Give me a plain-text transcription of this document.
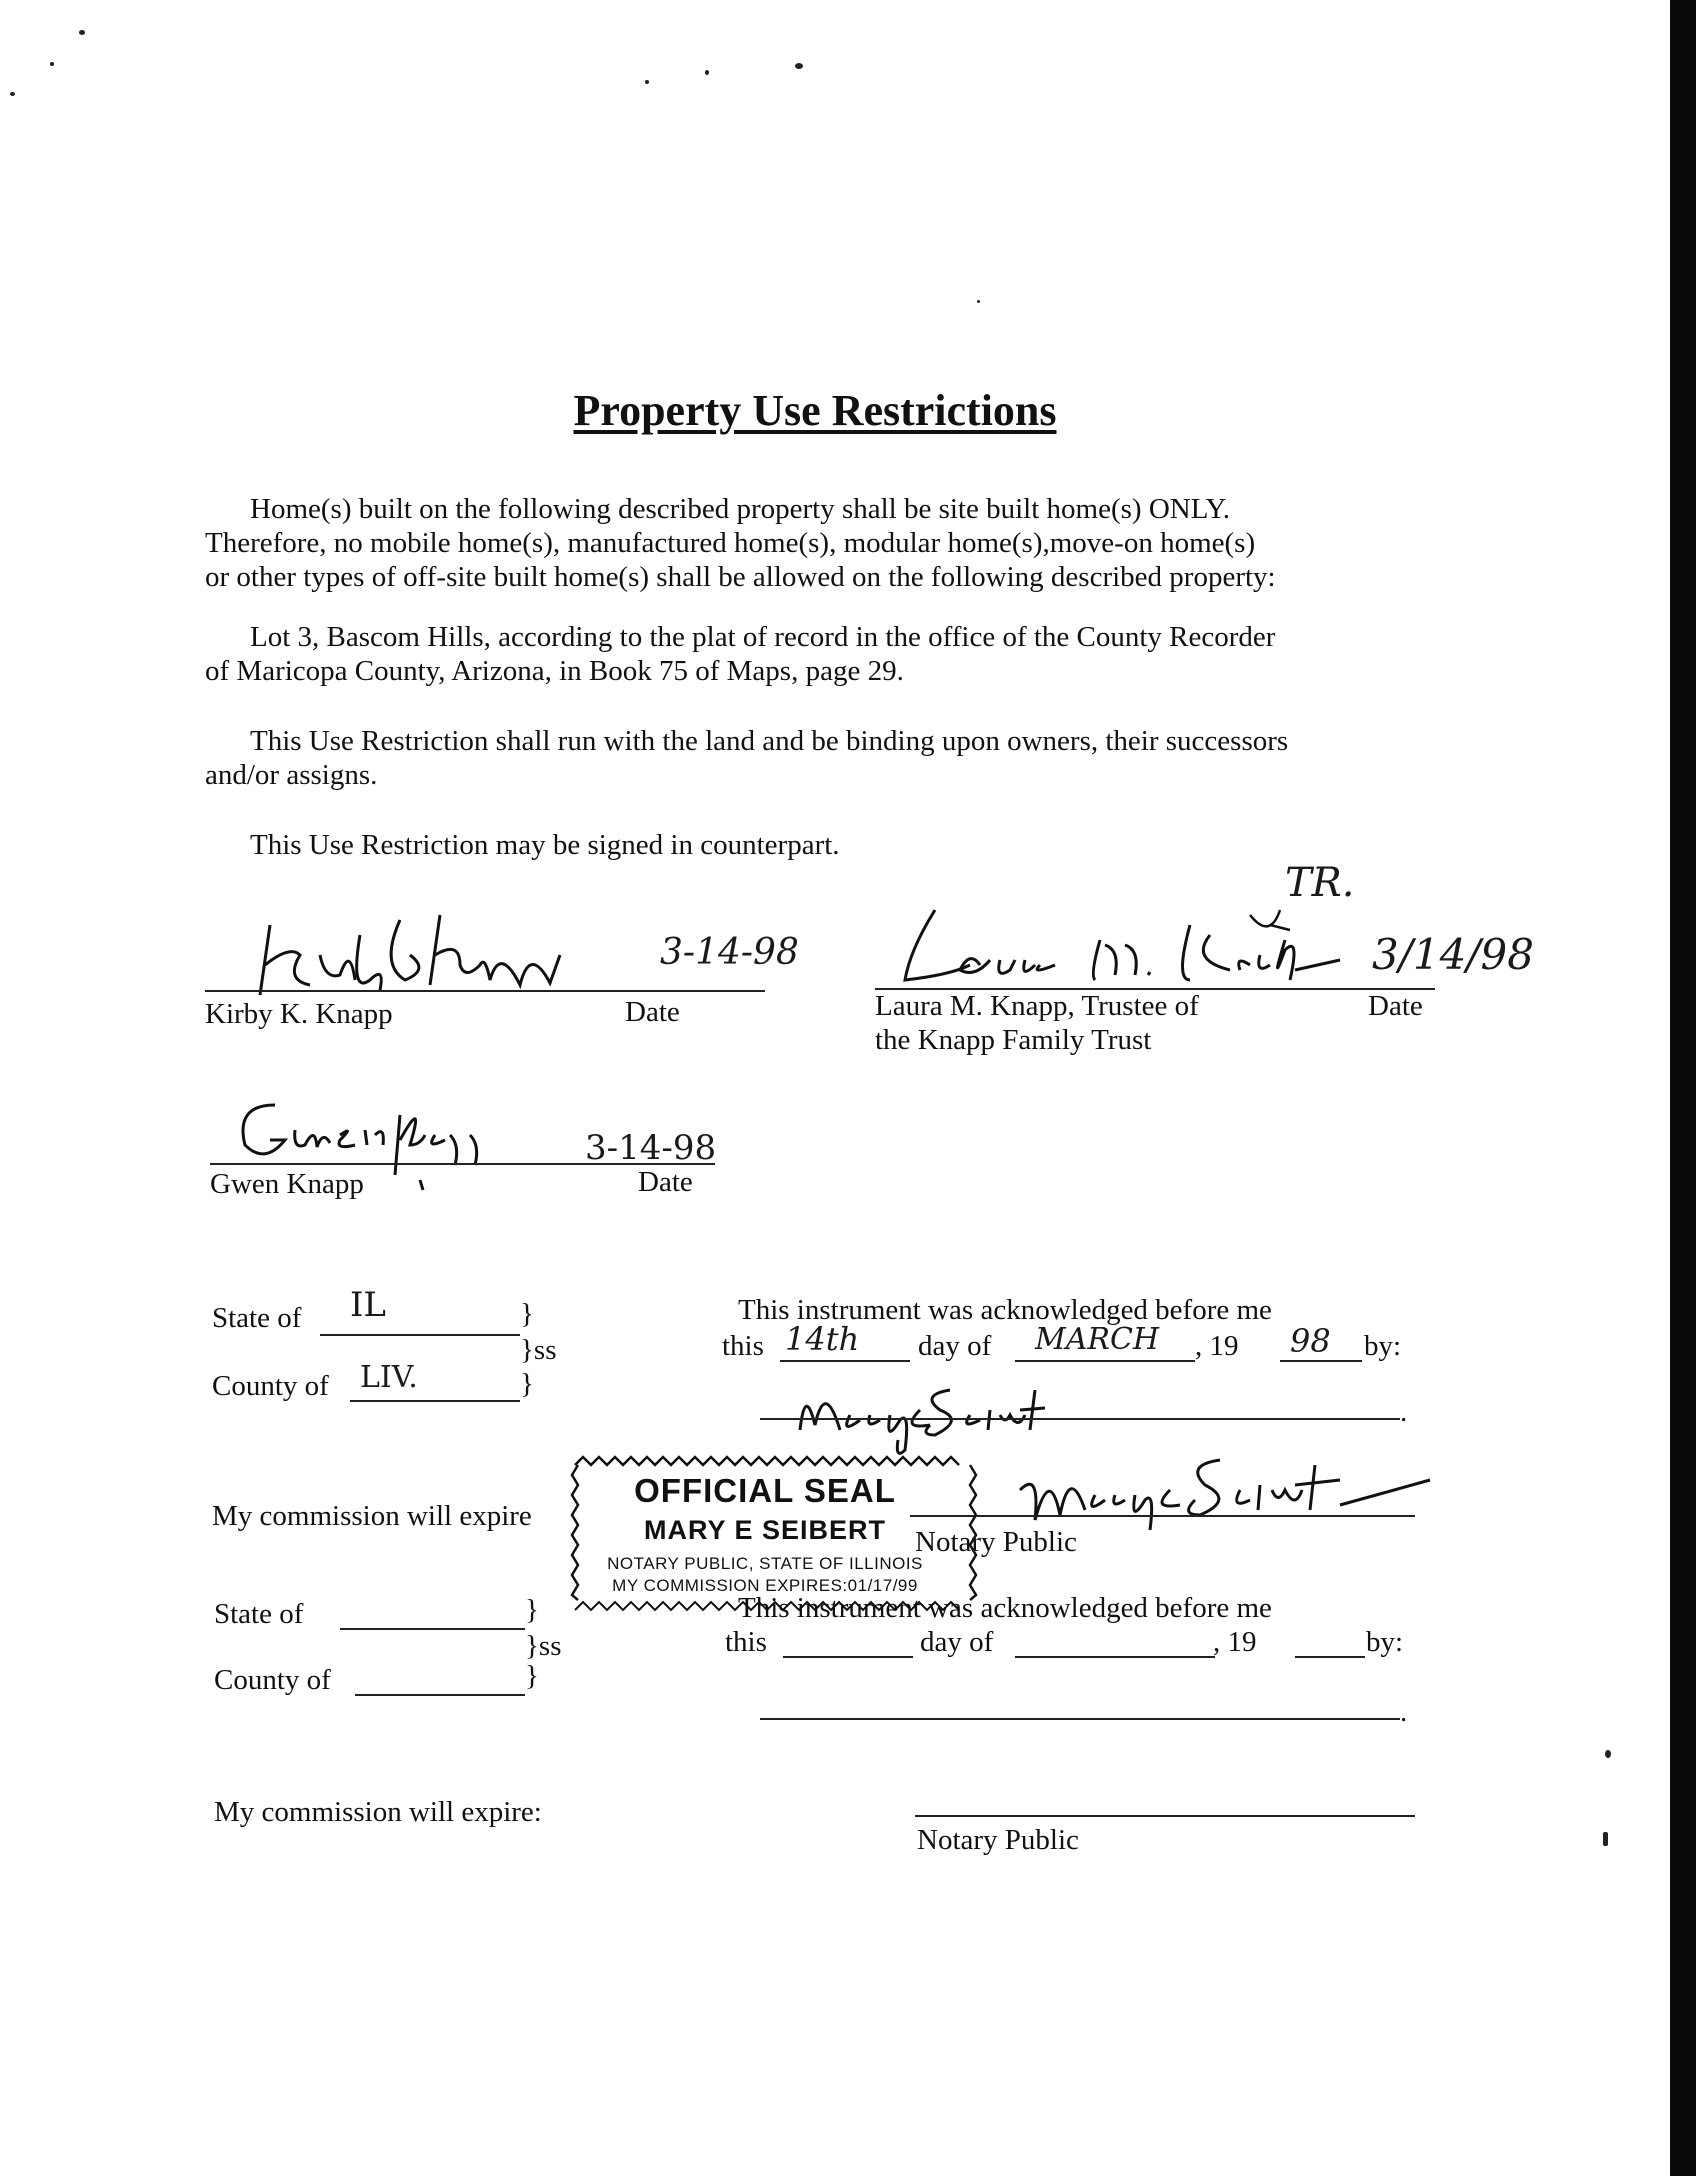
Property Use Restrictions

Home(s) built on the following described property shall be site built home(s) ONLY.

Therefore, no mobile home(s), manufactured home(s), modular home(s),move-on home(s)

or other types of off-site built home(s) shall be allowed on the following described property:

Lot 3, Bascom Hills, according to the plat of record in the office of the County Recorder

of Maricopa County, Arizona, in Book 75 of Maps, page 29.

This Use Restriction shall run with the land and be binding upon owners, their successors

and/or assigns.

This Use Restriction may be signed in counterpart.

3-14-98
Kirby K. Knapp	Date
TR.
3/14/98
Laura M. Knapp, Trustee of
the Knapp Family Trust
Date
3-14-98
Gwen Knapp	Date
State of IL	}
}ss
County of LIV.	}
This instrument was acknowledged before me
this 14th day of MARCH , 19 98 by:
.
My commission will expire
Notary Public
State of	}
}ss
County of	}
This instrument was acknowledged before me
this	day of	, 19	by:
.
My commission will expire:
Notary Public
OFFICIAL SEAL
MARY E SEIBERT
NOTARY PUBLIC, STATE OF ILLINOIS
MY COMMISSION EXPIRES:01/17/99
